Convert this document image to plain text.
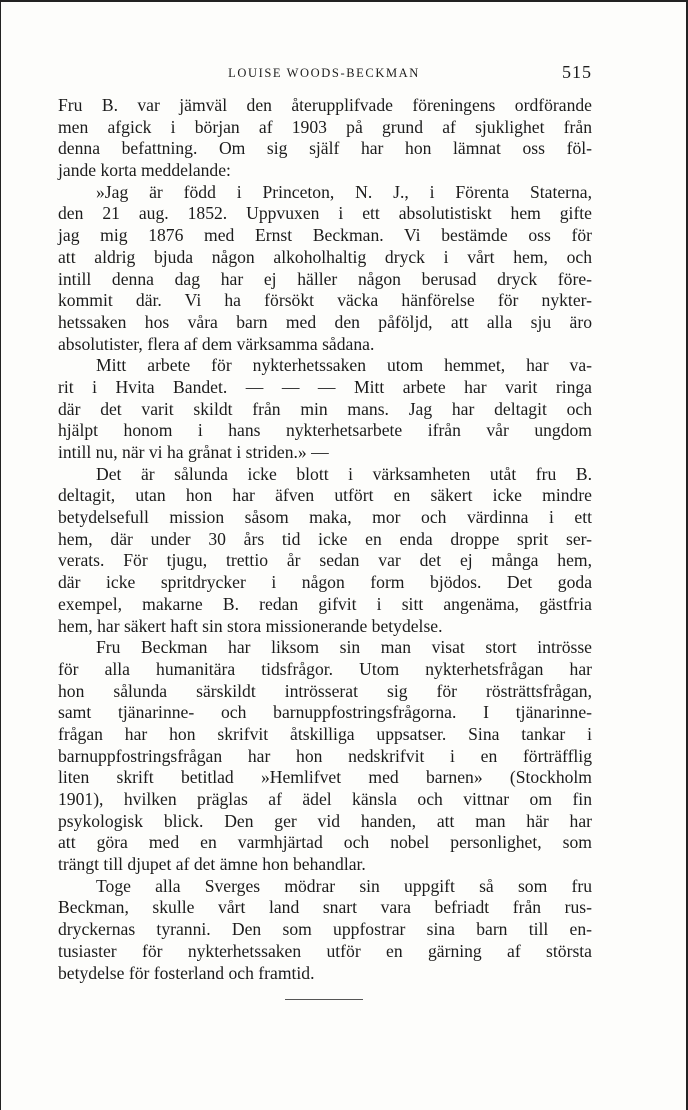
LOUISE WOODS-BECKMAN	515
Fru B. var jämväl den återupplifvade föreningens ordförande
men afgick i början af 1903 på grund af sjuklighet från
denna befattning. Om sig själf har hon lämnat oss föl-
jande korta meddelande:
»Jag är född i Princeton, N. J., i Förenta Staterna,
den 21 aug. 1852. Uppvuxen i ett absolutistiskt hem gifte
jag mig 1876 med Ernst Beckman. Vi bestämde oss för
att aldrig bjuda någon alkoholhaltig dryck i vårt hem, och
intill denna dag har ej häller någon berusad dryck före-
kommit där. Vi ha försökt väcka hänförelse för nykter-
hetssaken hos våra barn med den påföljd, att alla sju äro
absolutister, flera af dem värksamma sådana.
Mitt arbete för nykterhetssaken utom hemmet, har va-
rit i Hvita Bandet. — — — Mitt arbete har varit ringa
där det varit skildt från min mans. Jag har deltagit och
hjälpt honom i hans nykterhetsarbete ifrån vår ungdom
intill nu, när vi ha grånat i striden.» —
Det är sålunda icke blott i värksamheten utåt fru B.
deltagit, utan hon har äfven utfört en säkert icke mindre
betydelsefull mission såsom maka, mor och värdinna i ett
hem, där under 30 års tid icke en enda droppe sprit ser-
verats. För tjugu, trettio år sedan var det ej många hem,
där icke spritdrycker i någon form bjödos. Det goda
exempel, makarne B. redan gifvit i sitt angenäma, gästfria
hem, har säkert haft sin stora missionerande betydelse.
Fru Beckman har liksom sin man visat stort intrösse
för alla humanitära tidsfrågor. Utom nykterhetsfrågan har
hon sålunda särskildt intrösserat sig för rösträttsfrågan,
samt tjänarinne- och barnuppfostringsfrågorna. I tjänarinne-
frågan har hon skrifvit åtskilliga uppsatser. Sina tankar i
barnuppfostringsfrågan har hon nedskrifvit i en förträfflig
liten skrift betitlad »Hemlifvet med barnen» (Stockholm
1901), hvilken präglas af ädel känsla och vittnar om fin
psykologisk blick. Den ger vid handen, att man här har
att göra med en varmhjärtad och nobel personlighet, som
trängt till djupet af det ämne hon behandlar.
Toge alla Sverges mödrar sin uppgift så som fru
Beckman, skulle vårt land snart vara befriadt från rus-
dryckernas tyranni. Den som uppfostrar sina barn till en-
tusiaster för nykterhetssaken utför en gärning af största
betydelse för fosterland och framtid.
